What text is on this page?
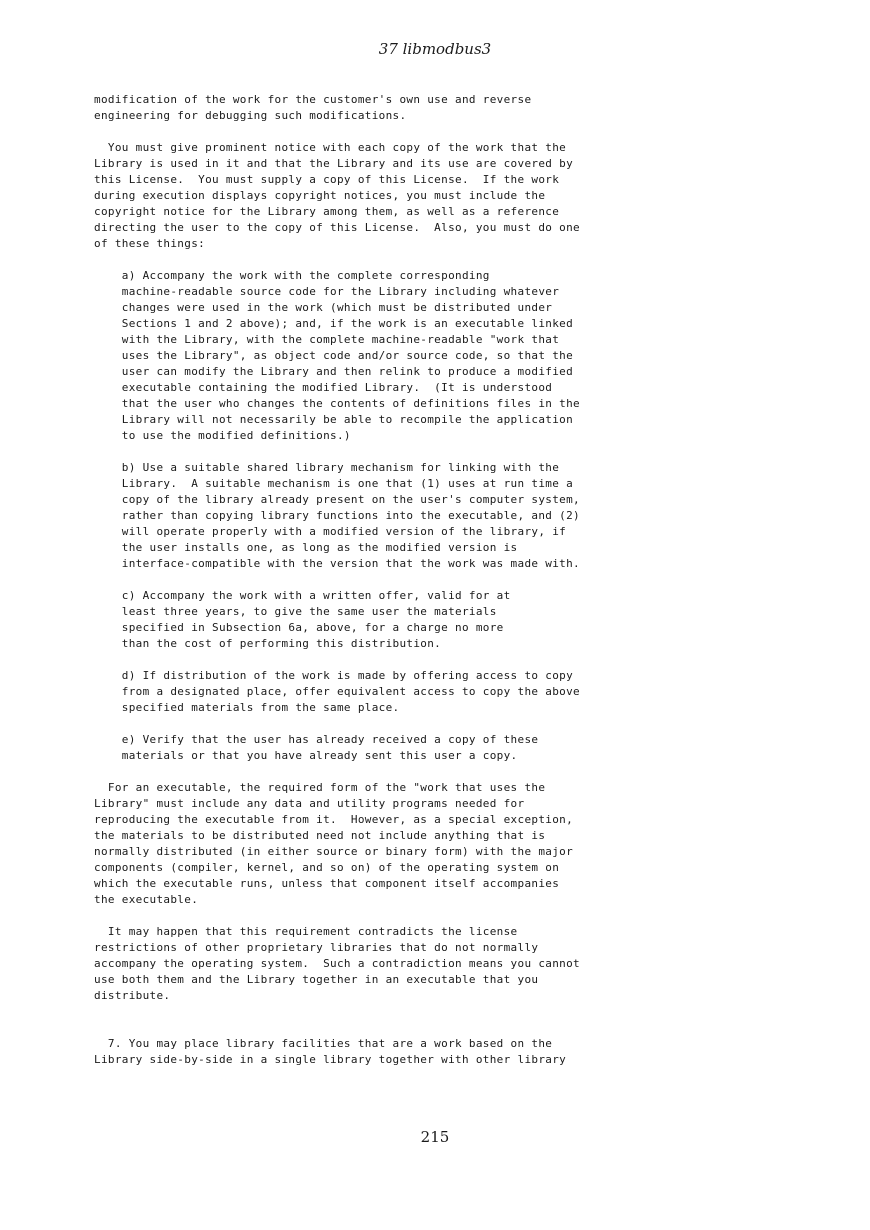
37 libmodbus3
modification of the work for the customer's own use and reverse
engineering for debugging such modifications.
You must give prominent notice with each copy of the work that the
Library is used in it and that the Library and its use are covered by
this License.  You must supply a copy of this License.  If the work
during execution displays copyright notices, you must include the
copyright notice for the Library among them, as well as a reference
directing the user to the copy of this License.  Also, you must do one
of these things:
a) Accompany the work with the complete corresponding
machine-readable source code for the Library including whatever
changes were used in the work (which must be distributed under
Sections 1 and 2 above); and, if the work is an executable linked
with the Library, with the complete machine-readable "work that
uses the Library", as object code and/or source code, so that the
user can modify the Library and then relink to produce a modified
executable containing the modified Library.  (It is understood
that the user who changes the contents of definitions files in the
Library will not necessarily be able to recompile the application
to use the modified definitions.)
b) Use a suitable shared library mechanism for linking with the
Library.  A suitable mechanism is one that (1) uses at run time a
copy of the library already present on the user's computer system,
rather than copying library functions into the executable, and (2)
will operate properly with a modified version of the library, if
the user installs one, as long as the modified version is
interface-compatible with the version that the work was made with.
c) Accompany the work with a written offer, valid for at
least three years, to give the same user the materials
specified in Subsection 6a, above, for a charge no more
than the cost of performing this distribution.
d) If distribution of the work is made by offering access to copy
from a designated place, offer equivalent access to copy the above
specified materials from the same place.
e) Verify that the user has already received a copy of these
materials or that you have already sent this user a copy.
For an executable, the required form of the "work that uses the
Library" must include any data and utility programs needed for
reproducing the executable from it.  However, as a special exception,
the materials to be distributed need not include anything that is
normally distributed (in either source or binary form) with the major
components (compiler, kernel, and so on) of the operating system on
which the executable runs, unless that component itself accompanies
the executable.
It may happen that this requirement contradicts the license
restrictions of other proprietary libraries that do not normally
accompany the operating system.  Such a contradiction means you cannot
use both them and the Library together in an executable that you
distribute.
7. You may place library facilities that are a work based on the
Library side-by-side in a single library together with other library
215
